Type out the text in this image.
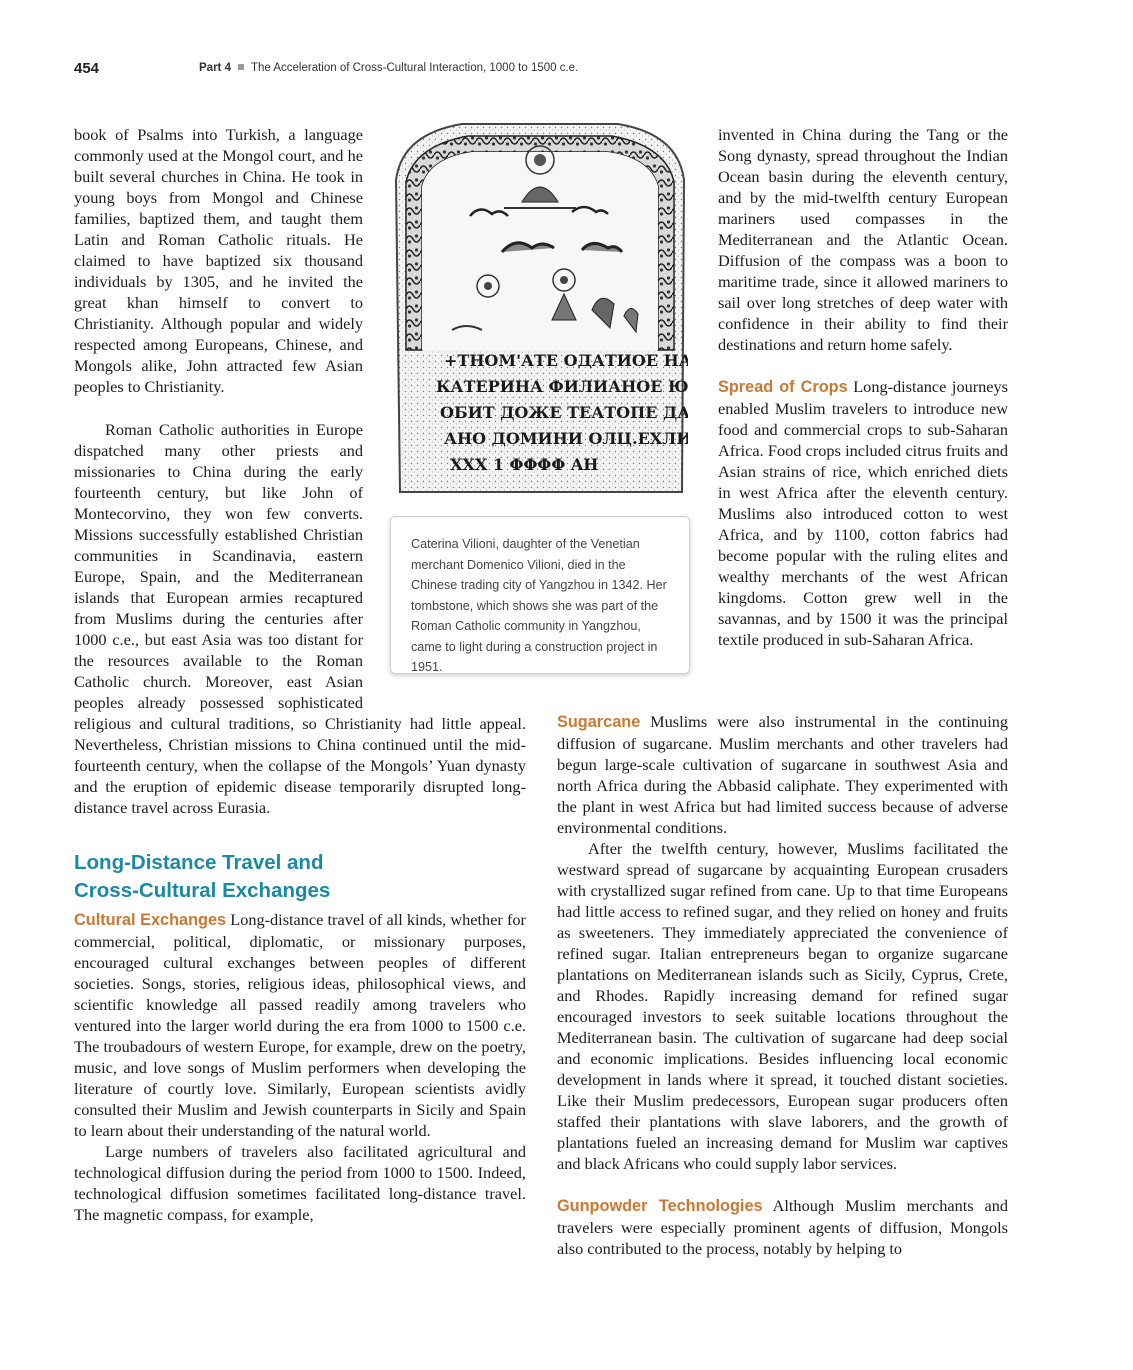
454	Part 4 The Acceleration of Cross-Cultural Interaction, 1000 to 1500 c.e.

book of Psalms into Turkish, a language commonly used at the Mongol court, and he built several churches in China. He took in young boys from Mongol and Chinese families, baptized them, and taught them Latin and Roman Catholic rituals. He claimed to have baptized six thousand individuals by 1305, and he invited the great khan himself to convert to Christianity. Although popular and widely respected among Europeans, Chinese, and Mongols alike, John attracted few Asian peoples to Christianity.

Roman Catholic authorities in Europe dispatched many other priests and missionaries to China during the early fourteenth century, but like John of Montecorvino, they won few converts. Missions successfully established Christian communities in Scandinavia, eastern Europe, Spain, and the Mediterranean islands that European armies recaptured from Muslims during the centuries after 1000 c.e., but east Asia was too distant for the resources available to the Roman Catholic church. Moreover, east Asian peoples already possessed sophisticated religious and cultural traditions, so Christianity had little appeal. Nevertheless, Christian missions to China continued until the mid-fourteenth century, when the collapse of the Mongols’ Yuan dynasty and the eruption of epidemic disease temporarily disrupted long-distance travel across Eurasia.

Long-Distance Travel and
Cross-Cultural Exchanges

Cultural Exchanges Long-distance travel of all kinds, whether for commercial, political, diplomatic, or missionary purposes, encouraged cultural exchanges between peoples of different societies. Songs, stories, religious ideas, philosophical views, and scientific knowledge all passed readily among travelers who ventured into the larger world during the era from 1000 to 1500 c.e. The troubadours of western Europe, for example, drew on the poetry, music, and love songs of Muslim performers when developing the literature of courtly love. Similarly, European scientists avidly consulted their Muslim and Jewish counterparts in Sicily and Spain to learn about their understanding of the natural world.

Large numbers of travelers also facilitated agricultural and technological diffusion during the period from 1000 to 1500. Indeed, technological diffusion sometimes facilitated long-distance travel. The magnetic compass, for example,

+ТНОМ'АТЕ ОДАТИОЕ НА
КАТЕРИНА ФИЛИАНОЕ Ю
ОБИТ ДОЖЕ ТЕАТОПЕ ДА
АНО ДОМИНИ ОЛЦ.ЕХЛИ
ХХХ 1 ΦΦΦΦ ΑΗ
Caterina Vilioni, daughter of the Venetian merchant Domenico Vilioni, died in the Chinese trading city of Yangzhou in 1342. Her tombstone, which shows she was part of the Roman Catholic community in Yangzhou, came to light during a construction project in 1951.

invented in China during the Tang or the Song dynasty, spread throughout the Indian Ocean basin during the eleventh century, and by the mid-twelfth century European mariners used compasses in the Mediterranean and the Atlantic Ocean. Diffusion of the compass was a boon to maritime trade, since it allowed mariners to sail over long stretches of deep water with confidence in their ability to find their destinations and return home safely.

Spread of Crops Long-distance journeys enabled Muslim travelers to introduce new food and commercial crops to sub-Saharan Africa. Food crops included citrus fruits and Asian strains of rice, which enriched diets in west Africa after the eleventh century. Muslims also introduced cotton to west Africa, and by 1100, cotton fabrics had become popular with the ruling elites and wealthy merchants of the west African kingdoms. Cotton grew well in the savannas, and by 1500 it was the principal textile produced in sub-Saharan Africa.

Sugarcane Muslims were also instrumental in the continuing diffusion of sugarcane. Muslim merchants and other travelers had begun large-scale cultivation of sugarcane in southwest Asia and north Africa during the Abbasid caliphate. They experimented with the plant in west Africa but had limited success because of adverse environmental conditions.

After the twelfth century, however, Muslims facilitated the westward spread of sugarcane by acquainting European crusaders with crystallized sugar refined from cane. Up to that time Europeans had little access to refined sugar, and they relied on honey and fruits as sweeteners. They immediately appreciated the convenience of refined sugar. Italian entrepreneurs began to organize sugarcane plantations on Mediterranean islands such as Sicily, Cyprus, Crete, and Rhodes. Rapidly increasing demand for refined sugar encouraged investors to seek suitable locations throughout the Mediterranean basin. The cultivation of sugarcane had deep social and economic implications. Besides influencing local economic development in lands where it spread, it touched distant societies. Like their Muslim predecessors, European sugar producers often staffed their plantations with slave laborers, and the growth of plantations fueled an increasing demand for Muslim war captives and black Africans who could supply labor services.

Gunpowder Technologies Although Muslim merchants and travelers were especially prominent agents of diffusion, Mongols also contributed to the process, notably by helping to
